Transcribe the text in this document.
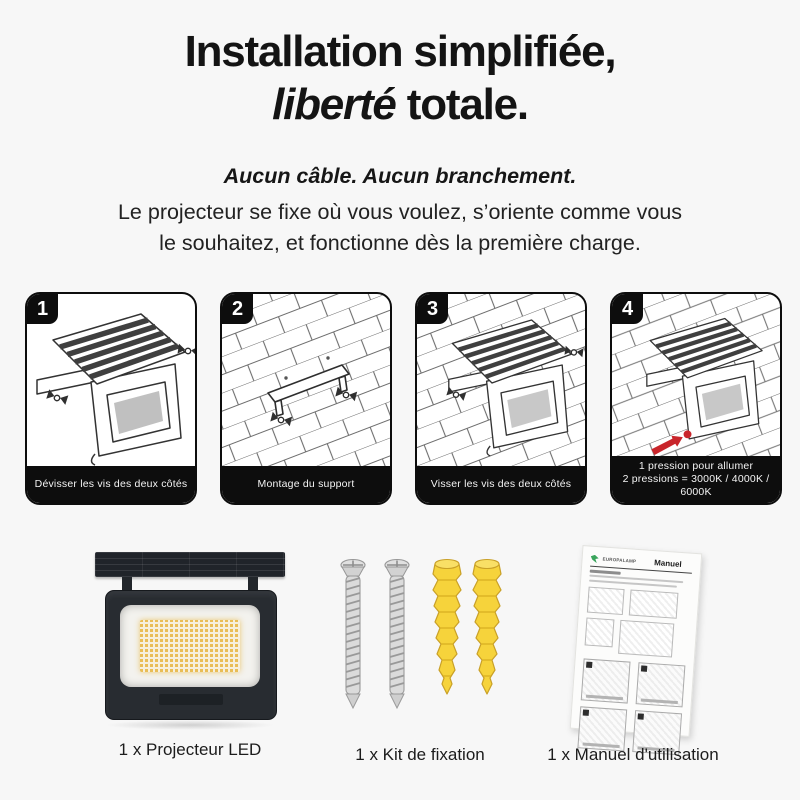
Installation simplifiée,
liberté totale.
Aucun câble. Aucun branchement.
Le projecteur se fixe où vous voulez, s’oriente comme vous
le souhaitez, et fonctionne dès la première charge.
1
Dévisser les vis des deux côtés
2
Montage du support
3
Visser les vis des deux côtés
4
1 pression pour allumer
2 pressions = 3000K / 4000K / 6000K
EUROPALAMP Manuel
1 x Projecteur LED	1 x Kit de fixation	1 x Manuel d'utilisation
